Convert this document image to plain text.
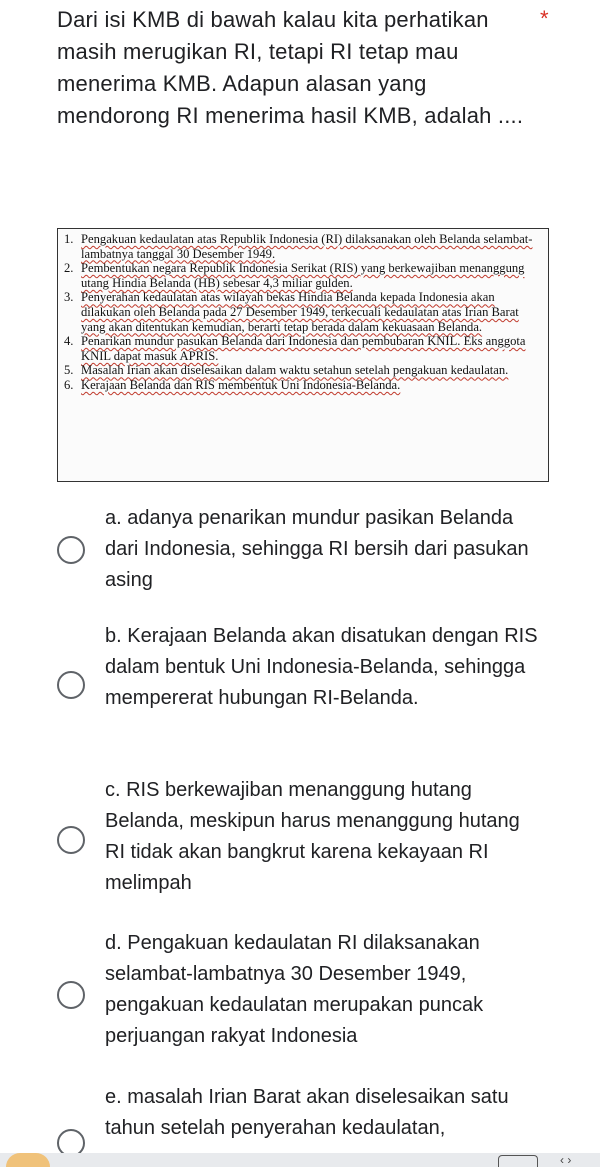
Dari isi KMB di bawah kalau kita perhatikan masih merugikan RI, tetapi RI tetap mau menerima KMB. Adapun alasan yang mendorong RI menerima hasil KMB, adalah ....
*
1. Pengakuan kedaulatan atas Republik Indonesia (RI) dilaksanakan oleh Belanda selambat-lambatnya tanggal 30 Desember 1949.
2. Pembentukan negara Republik Indonesia Serikat (RIS) yang berkewajiban menanggung utang Hindia Belanda (HB) sebesar 4,3 miliar gulden.
3. Penyerahan kedaulatan atas wilayah bekas Hindia Belanda kepada Indonesia akan dilakukan oleh Belanda pada 27 Desember 1949, terkecuali kedaulatan atas Irian Barat yang akan ditentukan kemudian, berarti tetap berada dalam kekuasaan Belanda.
4. Penarikan mundur pasukan Belanda dari Indonesia dan pembubaran KNIL. Eks anggota KNIL dapat masuk APRIS.
5. Masalah Irian akan diselesaikan dalam waktu setahun setelah pengakuan kedaulatan.
6. Kerajaan Belanda dan RIS membentuk Uni Indonesia-Belanda.
a. adanya penarikan mundur pasikan Belanda dari Indonesia, sehingga RI bersih dari pasukan asing
b. Kerajaan Belanda akan disatukan dengan RIS dalam bentuk Uni Indonesia-Belanda, sehingga mempererat hubungan RI-Belanda.
c. RIS berkewajiban menanggung hutang Belanda, meskipun harus menanggung hutang RI tidak akan bangkrut karena kekayaan RI melimpah
d. Pengakuan kedaulatan RI dilaksanakan selambat-lambatnya 30 Desember 1949, pengakuan kedaulatan merupakan puncak perjuangan rakyat Indonesia
e. masalah Irian Barat akan diselesaikan satu tahun setelah penyerahan kedaulatan,
‹ ›
